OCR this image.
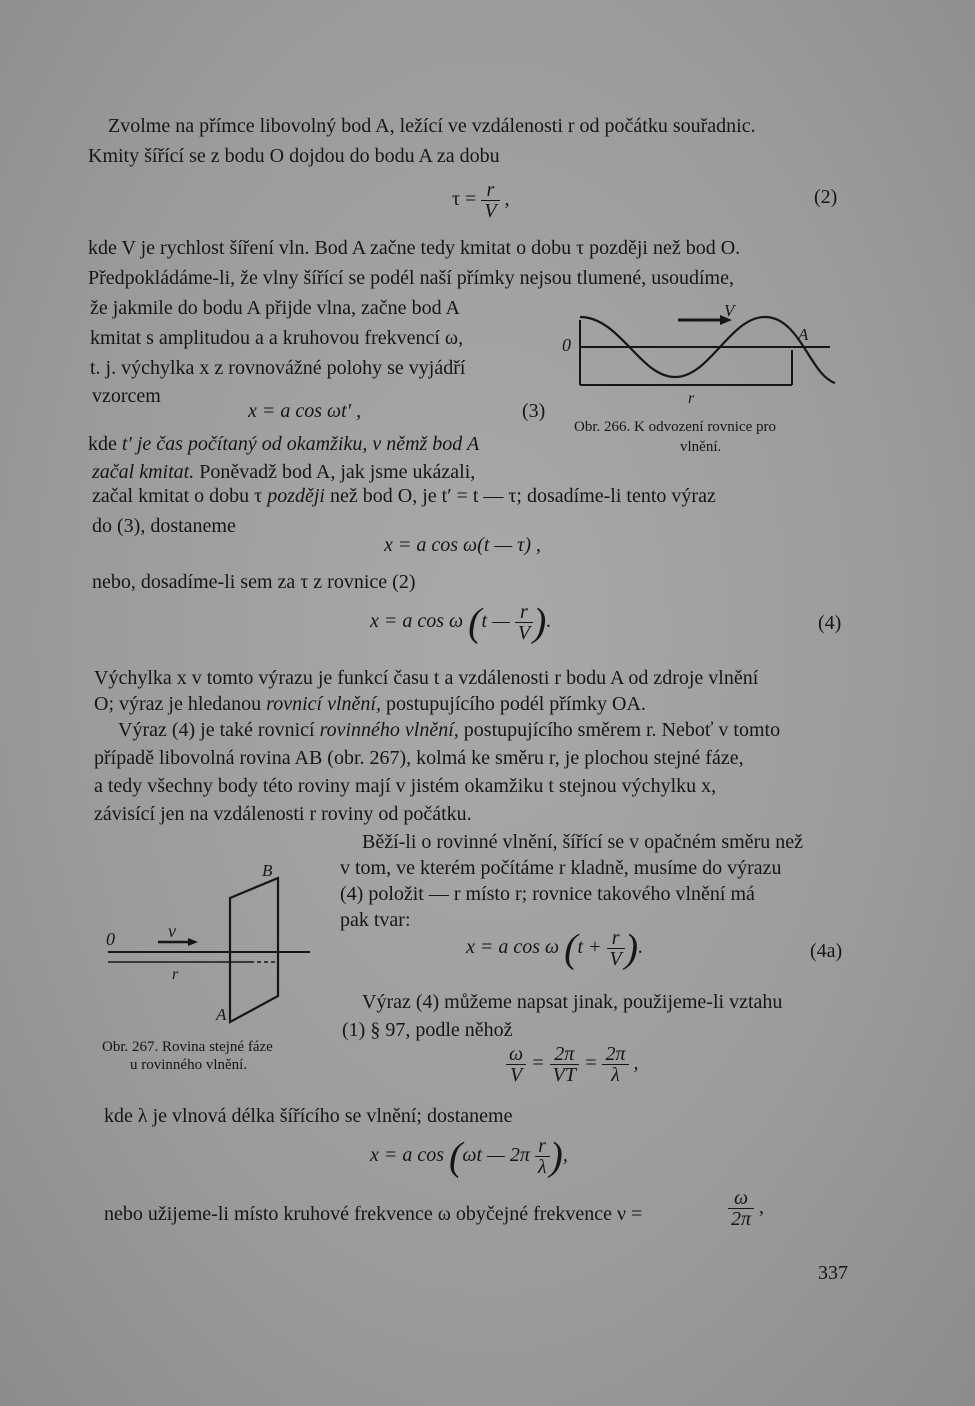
Zvolme na přímce libovolný bod A, ležící ve vzdálenosti r od počátku souřadnic.
Kmity šířící se z bodu O dojdou do bodu A za dobu
$\tau = \frac{r}{V}$ ,	(2)
kde V je rychlost šíření vln. Bod A začne tedy kmitat o dobu τ později než bod O.
Předpokládáme-li, že vlny šířící se podél naší přímky nejsou tlumené, usoudíme,
že jakmile do bodu A přijde vlna, začne bod A
kmitat s amplitudou a a kruhovou frekvencí ω,
t. j. výchylka x z rovnovážné polohy se vyjádří
vzorcem
0
V
A
r
Obr. 266. K odvození rovnice pro
vlnění.
x = a cos ωt′ ,	(3)
kde t′ je čas počítaný od okamžiku, v němž bod A
začal kmitat. Poněvadž bod A, jak jsme ukázali,
začal kmitat o dobu τ později než bod O, je t′ = t — τ; dosadíme-li tento výraz
do (3), dostaneme
x = a cos ω(t — τ) ,
nebo, dosadíme-li sem za τ z rovnice (2)
x = a cos ω (t — $\frac{r}{V}$ ).	(4)
Výchylka x v tomto výrazu je funkcí času t a vzdálenosti r bodu A od zdroje vlnění
O; výraz je hledanou rovnicí vlnění, postupujícího podél přímky OA.
Výraz (4) je také rovnicí rovinného vlnění, postupujícího směrem r. Neboť v tomto
případě libovolná rovina AB (obr. 267), kolmá ke směru r, je plochou stejné fáze,
a tedy všechny body této roviny mají v jistém okamžiku t stejnou výchylku x,
závisící jen na vzdálenosti r roviny od počátku.
Běží-li o rovinné vlnění, šířící se v opačném směru než
v tom, ve kterém počítáme r kladně, musíme do výrazu
(4) položit — r místo r; rovnice takového vlnění má
pak tvar:
0	v
r
B
A
Obr. 267. Rovina stejné fáze
u rovinného vlnění.
x = a cos ω ($t + \frac{r}{V}$ ).	(4a)
Výraz (4) můžeme napsat jinak, použijeme-li vztahu
(1) § 97, podle něhož
$\frac{\omega}{V} = \frac{2\pi}{VT} = \frac{2\pi}{\lambda}$ ,
kde λ je vlnová délka šířícího se vlnění; dostaneme
x = a cos (ωt — $2\pi \frac{r}{\lambda}$ ),
nebo užijeme-li místo kruhové frekvence ω obyčejné frekvence ν =	$\frac{\omega}{2\pi}$ ,
337
